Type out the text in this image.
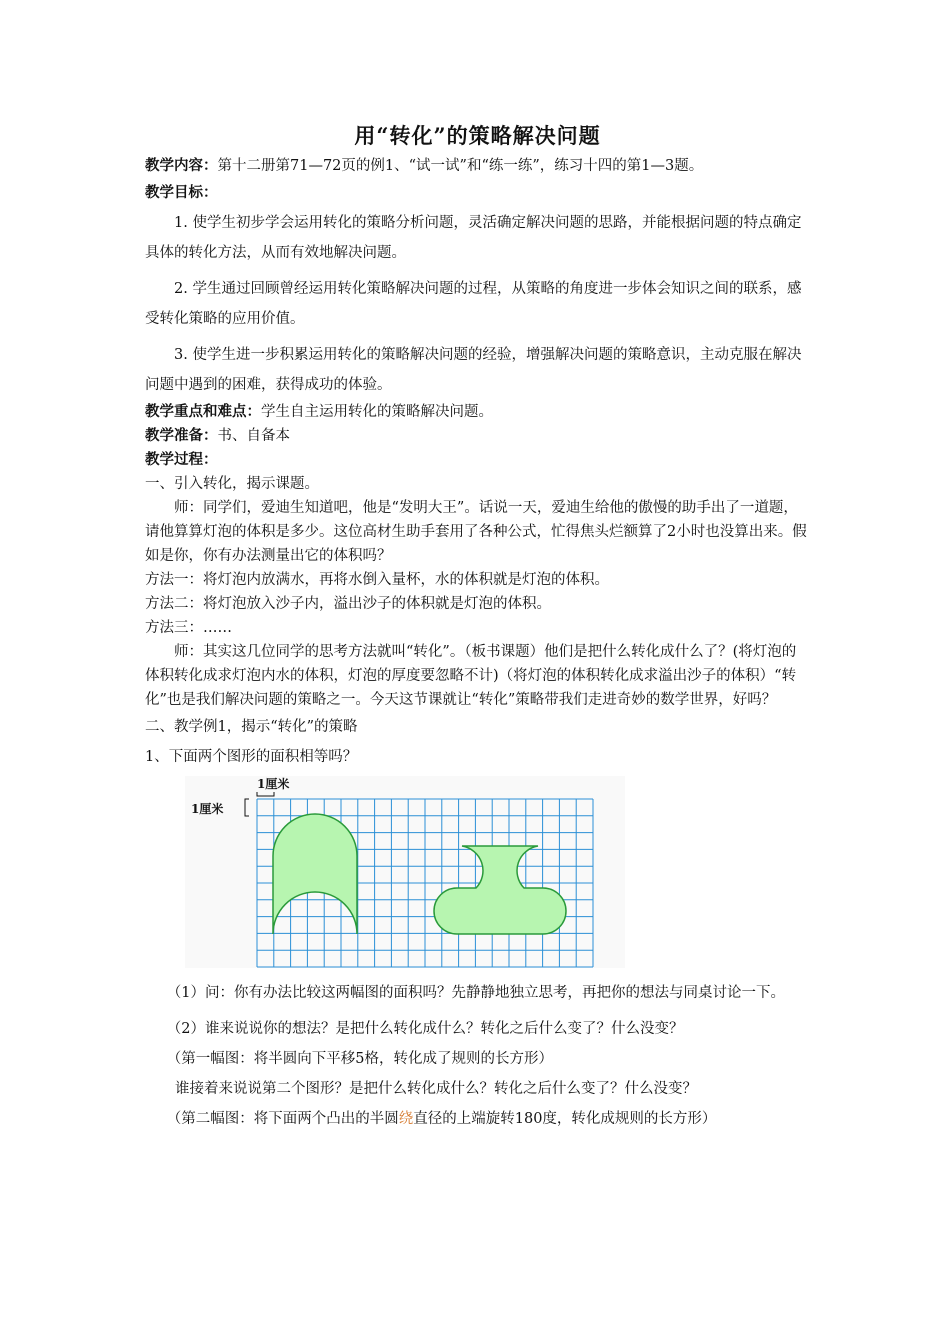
用“转化”的策略解决问题

教学内容：第十二册第71—72页的例1、“试一试”和“练一练”，练习十四的第1—3题。

教学目标：

1. 使学生初步学会运用转化的策略分析问题，灵活确定解决问题的思路，并能根据问题的特点确定具体的转化方法，从而有效地解决问题。

2. 学生通过回顾曾经运用转化策略解决问题的过程，从策略的角度进一步体会知识之间的联系，感受转化策略的应用价值。

3. 使学生进一步积累运用转化的策略解决问题的经验，增强解决问题的策略意识，主动克服在解决问题中遇到的困难，获得成功的体验。

教学重点和难点：学生自主运用转化的策略解决问题。

教学准备：书、自备本

教学过程：

一、引入转化，揭示课题。

师：同学们，爱迪生知道吧，他是“发明大王”。话说一天，爱迪生给他的傲慢的助手出了一道题，请他算算灯泡的体积是多少。这位高材生助手套用了各种公式，忙得焦头烂额算了2小时也没算出来。假如是你，你有办法测量出它的体积吗？

方法一：将灯泡内放满水，再将水倒入量杯，水的体积就是灯泡的体积。

方法二：将灯泡放入沙子内，溢出沙子的体积就是灯泡的体积。

方法三：……

师：其实这几位同学的思考方法就叫“转化”。（板书课题）他们是把什么转化成什么了？(将灯泡的体积转化成求灯泡内水的体积，灯泡的厚度要忽略不计)（将灯泡的体积转化成求溢出沙子的体积）“转化”也是我们解决问题的策略之一。今天这节课就让“转化”策略带我们走进奇妙的数学世界，好吗？

二、教学例1，揭示“转化”的策略

1、下面两个图形的面积相等吗？

1厘米
1厘米

（1）问：你有办法比较这两幅图的面积吗？先静静地独立思考，再把你的想法与同桌讨论一下。

（2）谁来说说你的想法？是把什么转化成什么？转化之后什么变了？什么没变？

（第一幅图：将半圆向下平移5格，转化成了规则的长方形）

谁接着来说说第二个图形？是把什么转化成什么？转化之后什么变了？什么没变？

（第二幅图：将下面两个凸出的半圆绕直径的上端旋转180度，转化成规则的长方形）
